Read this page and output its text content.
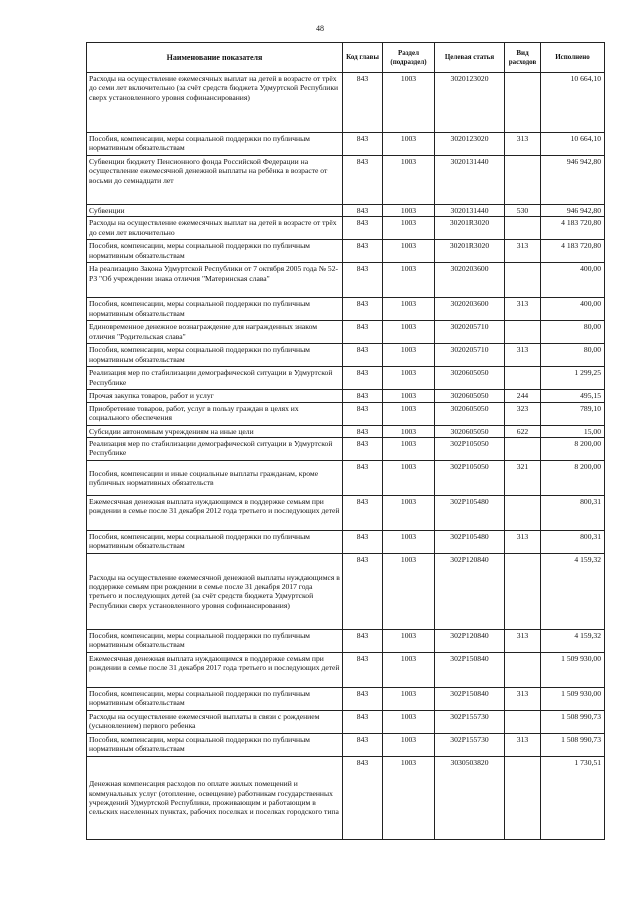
48
Наименование показателя	Код главы	Раздел (подраздел)	Целевая статья	Вид расходов	Исполнено
Расходы на осуществление ежемесячных выплат на детей в возрасте от трёх до семи лет включительно (за счёт средств бюджета Удмуртской Республики сверх установленного уровня софинансирования)	843	1003	3020123020		10 664,10
Пособия, компенсации, меры социальной поддержки по публичным нормативным обязательствам	843	1003	3020123020	313	10 664,10
Субвенции бюджету Пенсионного фонда Российской Федерации на осуществление ежемесячной денежной выплаты на ребёнка в возрасте от восьми до семнадцати лет	843	1003	3020131440		946 942,80
Субвенции	843	1003	3020131440	530	946 942,80
Расходы на осуществление ежемесячных выплат на детей в возрасте от трёх до семи лет включительно	843	1003	30201R3020		4 183 720,80
Пособия, компенсации, меры социальной поддержки по публичным нормативным обязательствам	843	1003	30201R3020	313	4 183 720,80
На реализацию Закона Удмуртской Республики от 7 октября 2005 года № 52-РЗ "Об учреждении знака отличия "Материнская слава"	843	1003	3020203600		400,00
Пособия, компенсации, меры социальной поддержки по публичным нормативным обязательствам	843	1003	3020203600	313	400,00
Единовременное денежное вознаграждение для награжденных знаком отличия "Родительская слава"	843	1003	3020205710		80,00
Пособия, компенсации, меры социальной поддержки по публичным нормативным обязательствам	843	1003	3020205710	313	80,00
Реализация мер по стабилизации демографической ситуации в Удмуртской Республике	843	1003	3020605050		1 299,25
Прочая закупка товаров, работ и услуг	843	1003	3020605050	244	495,15
Приобретение товаров, работ, услуг в пользу граждан в целях их социального обеспечения	843	1003	3020605050	323	789,10
Субсидии автономным учреждениям на иные цели	843	1003	3020605050	622	15,00
Реализация мер по стабилизации демографической ситуации в Удмуртской Республике	843	1003	302P105050		8 200,00
Пособия, компенсации и иные социальные выплаты гражданам, кроме публичных нормативных обязательств	843	1003	302P105050	321	8 200,00
Ежемесячная денежная выплата нуждающимся в поддержке семьям при рождении в семье после 31 декабря 2012 года третьего и последующих детей	843	1003	302P105480		800,31
Пособия, компенсации, меры социальной поддержки по публичным нормативным обязательствам	843	1003	302P105480	313	800,31
Расходы на осуществление ежемесячной денежной выплаты нуждающимся в поддержке семьям при рождении в семье после 31 декабря 2017 года третьего и последующих детей (за счёт средств бюджета Удмуртской Республики сверх установленного уровня софинансирования)	843	1003	302P120840		4 159,32
Пособия, компенсации, меры социальной поддержки по публичным нормативным обязательствам	843	1003	302P120840	313	4 159,32
Ежемесячная денежная выплата нуждающимся в поддержке семьям при рождении в семье после 31 декабря 2017 года третьего и последующих детей	843	1003	302P150840		1 509 930,00
Пособия, компенсации, меры социальной поддержки по публичным нормативным обязательствам	843	1003	302P150840	313	1 509 930,00
Расходы на осуществление ежемесячной выплаты в связи с рождением (усыновлением) первого ребенка	843	1003	302P155730		1 508 990,73
Пособия, компенсации, меры социальной поддержки по публичным нормативным обязательствам	843	1003	302P155730	313	1 508 990,73
Денежная компенсация расходов по оплате жилых помещений и коммунальных услуг (отопление, освещение) работникам государственных учреждений Удмуртской Республики, проживающим и работающим в сельских населенных пунктах, рабочих поселках и поселках городского типа	843	1003	3030503820		1 730,51
